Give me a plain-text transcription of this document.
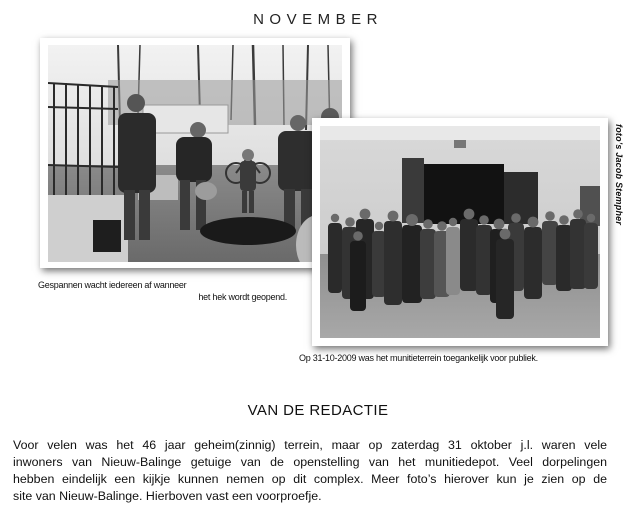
NOVEMBER
Gespannen wacht iedereen af wanneer
het hek wordt geopend.
foto’s Jacob Stempher
Op 31-10-2009 was het munitieterrein toegankelijk voor publiek.
VAN DE REDACTIE
Voor velen was het 46 jaar geheim(zinnig) terrein, maar op zaterdag 31 oktober j.l. waren vele
inwoners van Nieuw-Balinge getuige van de openstelling van het munitiedepot. Veel dorpelingen
hebben eindelijk een kijkje kunnen nemen op dit complex. Meer foto’s hierover kun je zien op de
site van Nieuw-Balinge. Hierboven vast een voorproefje.
